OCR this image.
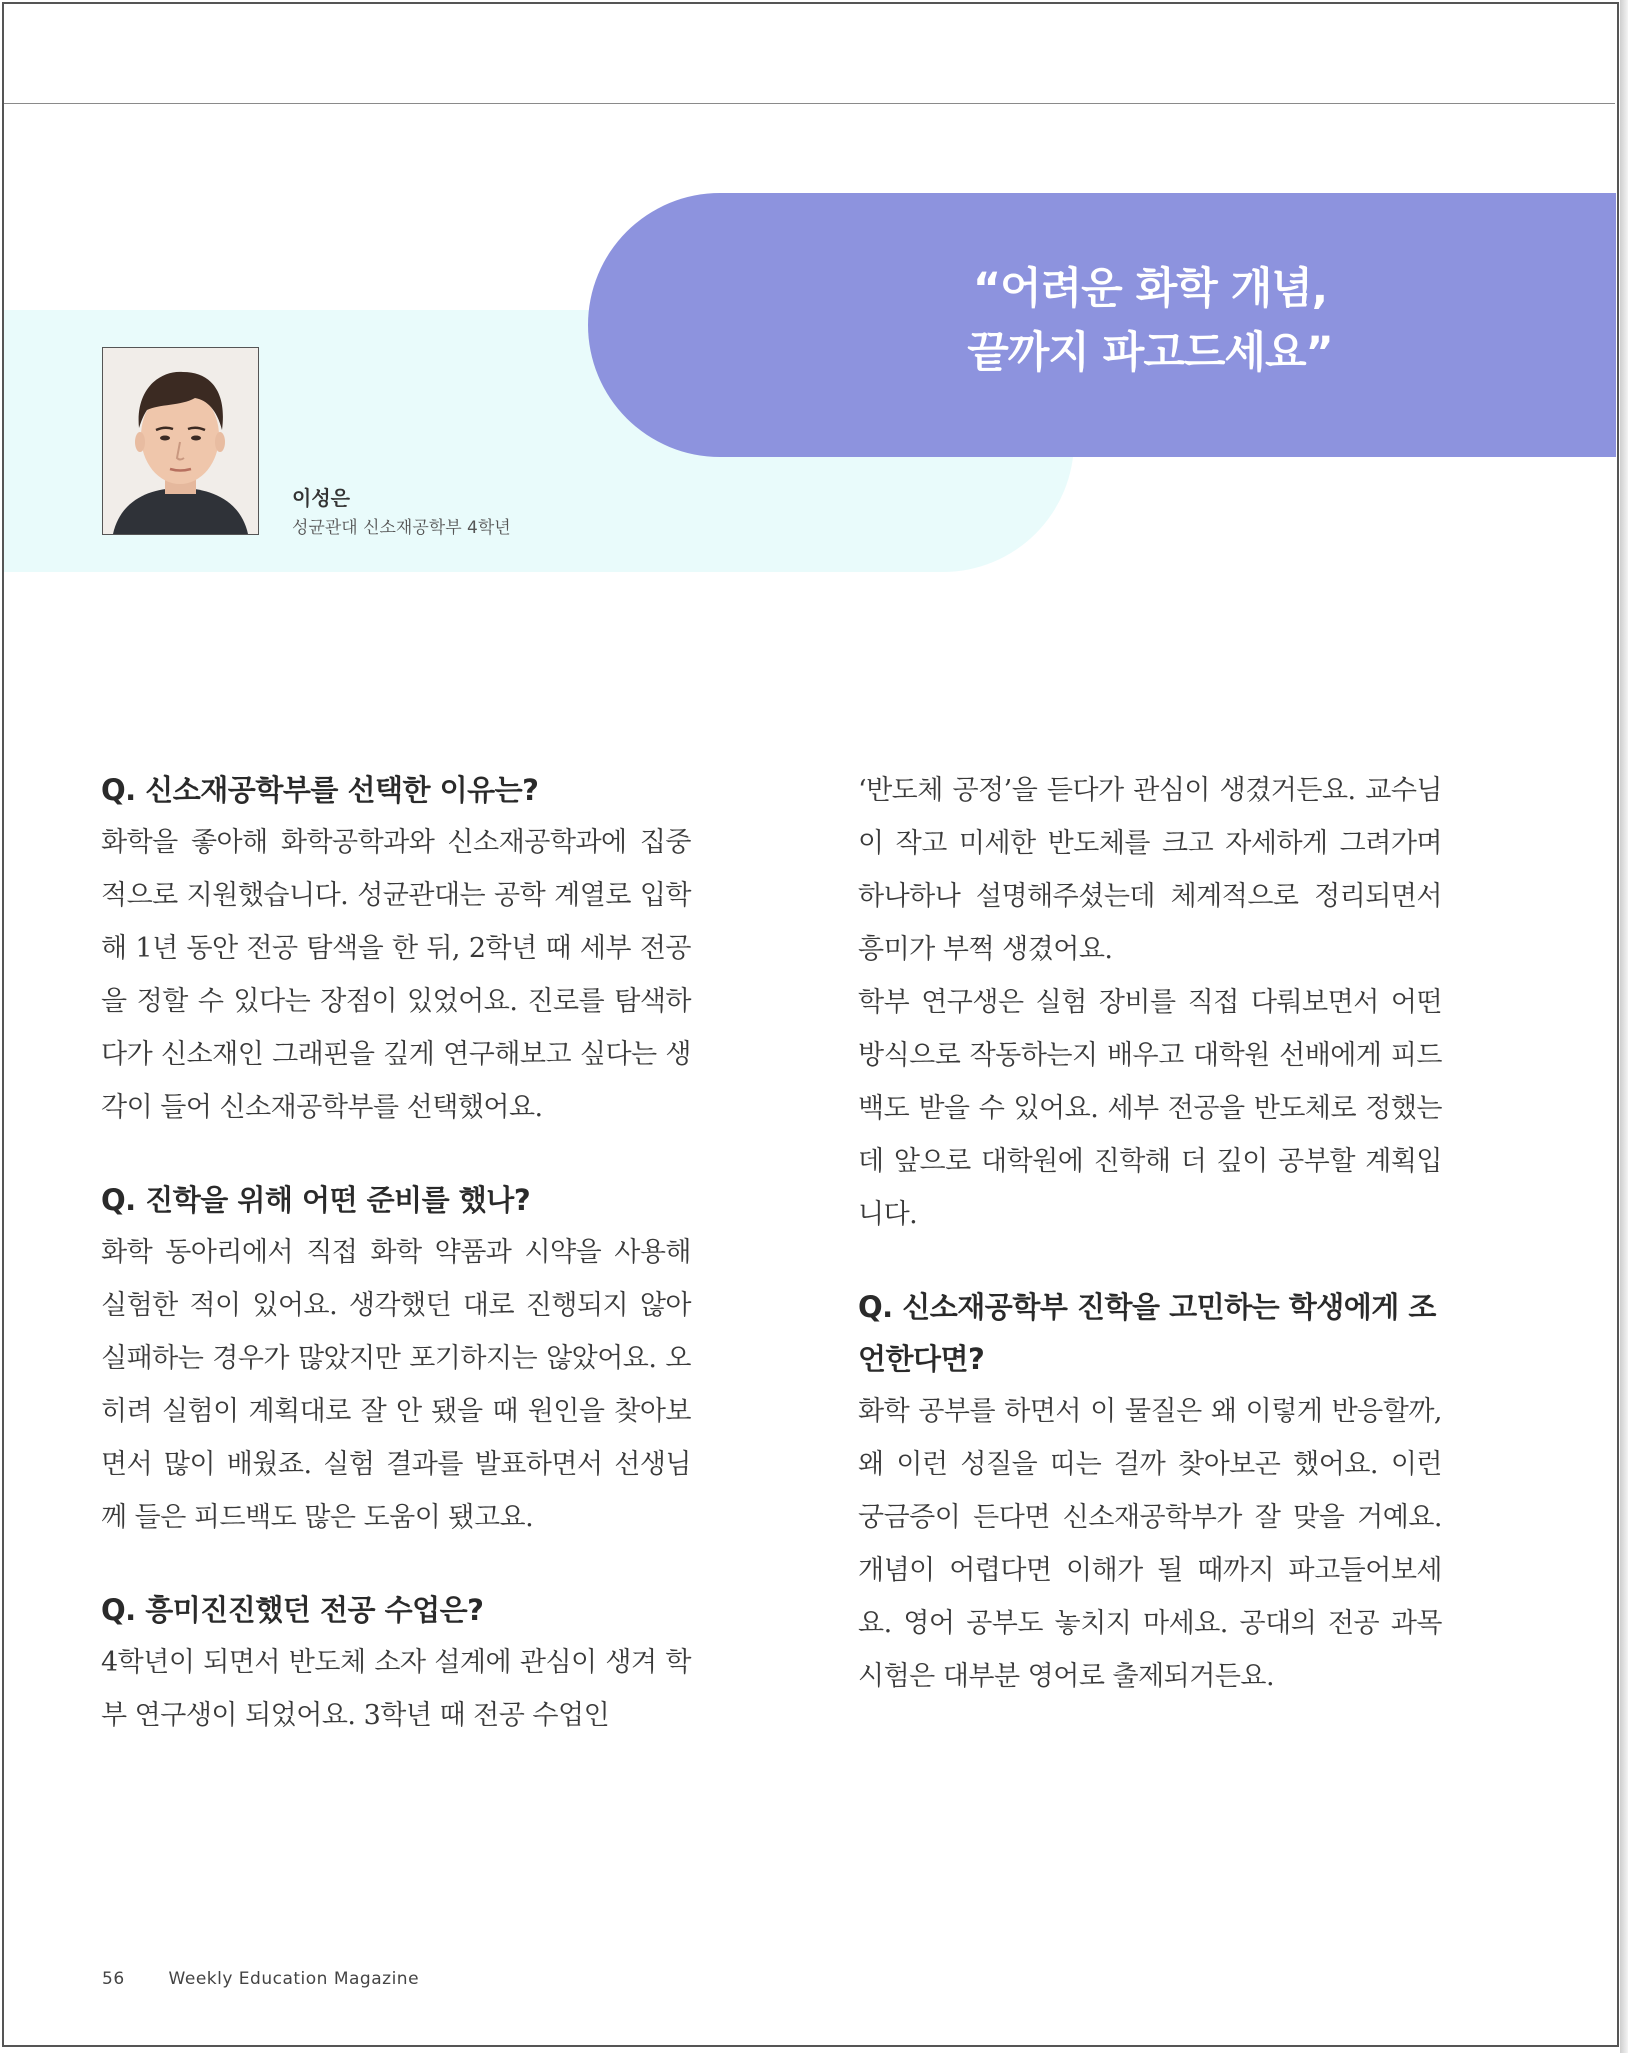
“어려운 화학 개념,
끝까지 파고드세요”
이성은
성균관대 신소재공학부 4학년

Q. 신소재공학부를 선택한 이유는?

화학을 좋아해 화학공학과와 신소재공학과에 집중적으로 지원했습니다. 성균관대는 공학 계열로 입학해 1년 동안 전공 탐색을 한 뒤, 2학년 때 세부 전공을 정할 수 있다는 장점이 있었어요. 진로를 탐색하다가 신소재인 그래핀을 깊게 연구해보고 싶다는 생각이 들어 신소재공학부를 선택했어요.

Q. 진학을 위해 어떤 준비를 했나?

화학 동아리에서 직접 화학 약품과 시약을 사용해 실험한 적이 있어요. 생각했던 대로 진행되지 않아 실패하는 경우가 많았지만 포기하지는 않았어요. 오히려 실험이 계획대로 잘 안 됐을 때 원인을 찾아보면서 많이 배웠죠. 실험 결과를 발표하면서 선생님께 들은 피드백도 많은 도움이 됐고요.

Q. 흥미진진했던 전공 수업은?

4학년이 되면서 반도체 소자 설계에 관심이 생겨 학부 연구생이 되었어요. 3학년 때 전공 수업인

‘반도체 공정’을 듣다가 관심이 생겼거든요. 교수님이 작고 미세한 반도체를 크고 자세하게 그려가며 하나하나 설명해주셨는데 체계적으로 정리되면서 흥미가 부쩍 생겼어요.

학부 연구생은 실험 장비를 직접 다뤄보면서 어떤 방식으로 작동하는지 배우고 대학원 선배에게 피드백도 받을 수 있어요. 세부 전공을 반도체로 정했는데 앞으로 대학원에 진학해 더 깊이 공부할 계획입니다.

Q. 신소재공학부 진학을 고민하는 학생에게 조언한다면?

화학 공부를 하면서 이 물질은 왜 이렇게 반응할까, 왜 이런 성질을 띠는 걸까 찾아보곤 했어요. 이런 궁금증이 든다면 신소재공학부가 잘 맞을 거예요. 개념이 어렵다면 이해가 될 때까지 파고들어보세요. 영어 공부도 놓치지 마세요. 공대의 전공 과목 시험은 대부분 영어로 출제되거든요.

56	Weekly Education Magazine
